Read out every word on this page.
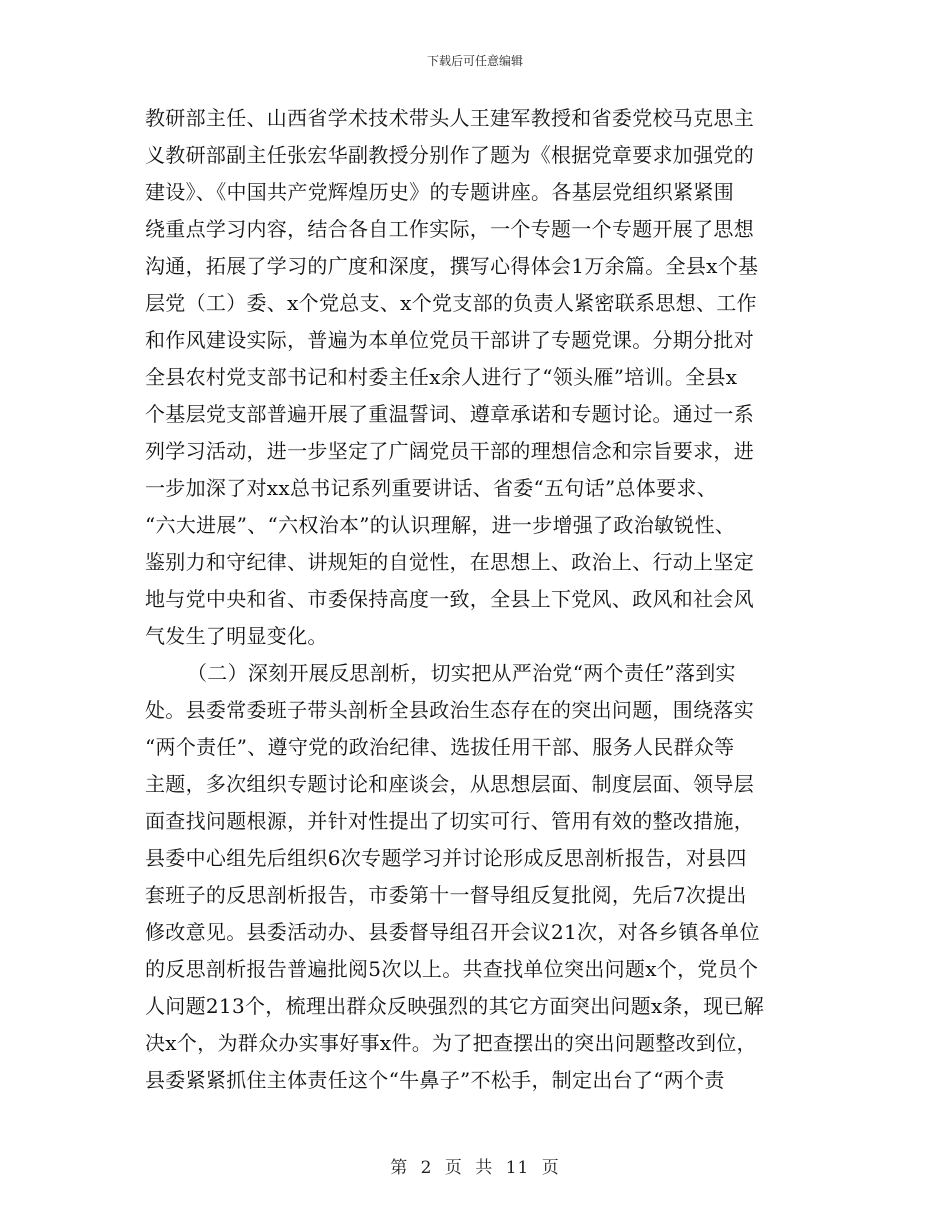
下载后可任意编辑
教研部主任、山西省学术技术带头人王建军教授和省委党校马克思主
义教研部副主任张宏华副教授分别作了题为《根据党章要求加强党的
建设》、《中国共产党辉煌历史》的专题讲座。各基层党组织紧紧围
绕重点学习内容，结合各自工作实际，一个专题一个专题开展了思想
沟通，拓展了学习的广度和深度，撰写心得体会1万余篇。全县x个基
层党（工）委、x个党总支、x个党支部的负责人紧密联系思想、工作
和作风建设实际，普遍为本单位党员干部讲了专题党课。分期分批对
全县农村党支部书记和村委主任x余人进行了“领头雁”培训。全县x
个基层党支部普遍开展了重温誓词、遵章承诺和专题讨论。通过一系
列学习活动，进一步坚定了广阔党员干部的理想信念和宗旨要求，进
一步加深了对xx总书记系列重要讲话、省委“五句话”总体要求、
“六大进展”、“六权治本”的认识理解，进一步增强了政治敏锐性、
鉴别力和守纪律、讲规矩的自觉性，在思想上、政治上、行动上坚定
地与党中央和省、市委保持高度一致，全县上下党风、政风和社会风
气发生了明显变化。
（二）深刻开展反思剖析，切实把从严治党“两个责任”落到实
处。县委常委班子带头剖析全县政治生态存在的突出问题，围绕落实
“两个责任”、遵守党的政治纪律、选拔任用干部、服务人民群众等
主题，多次组织专题讨论和座谈会，从思想层面、制度层面、领导层
面查找问题根源，并针对性提出了切实可行、管用有效的整改措施，
县委中心组先后组织6次专题学习并讨论形成反思剖析报告，对县四
套班子的反思剖析报告，市委第十一督导组反复批阅，先后7次提出
修改意见。县委活动办、县委督导组召开会议21次，对各乡镇各单位
的反思剖析报告普遍批阅5次以上。共查找单位突出问题x个，党员个
人问题213个，梳理出群众反映强烈的其它方面突出问题x条，现已解
决x个，为群众办实事好事x件。为了把查摆出的突出问题整改到位，
县委紧紧抓住主体责任这个“牛鼻子”不松手，制定出台了“两个责
第 2 页 共 11 页
